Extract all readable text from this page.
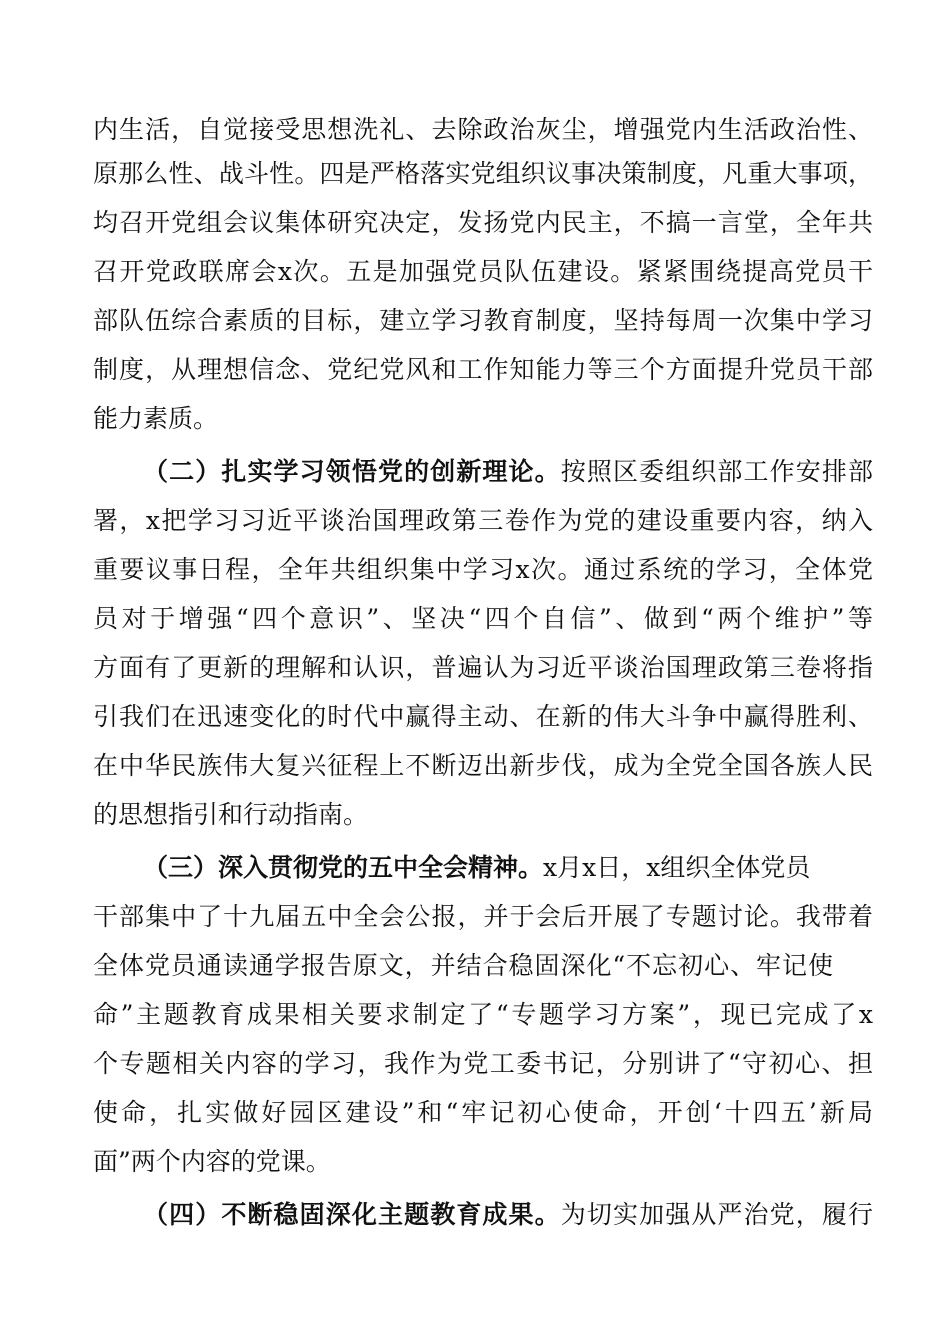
内生活，自觉接受思想洗礼、去除政治灰尘，增强党内生活政治性、
原那么性、战斗性。四是严格落实党组织议事决策制度，凡重大事项，
均召开党组会议集体研究决定，发扬党内民主，不搞一言堂，全年共
召开党政联席会x次。五是加强党员队伍建设。紧紧围绕提高党员干
部队伍综合素质的目标，建立学习教育制度，坚持每周一次集中学习
制度，从理想信念、党纪党风和工作知能力等三个方面提升党员干部
能力素质。
（二）扎实学习领悟党的创新理论。按照区委组织部工作安排部
署，x把学习习近平谈治国理政第三卷作为党的建设重要内容，纳入
重要议事日程，全年共组织集中学习x次。通过系统的学习，全体党
员对于增强“四个意识”、坚决“四个自信”、做到“两个维护”等
方面有了更新的理解和认识，普遍认为习近平谈治国理政第三卷将指
引我们在迅速变化的时代中赢得主动、在新的伟大斗争中赢得胜利、
在中华民族伟大复兴征程上不断迈出新步伐，成为全党全国各族人民
的思想指引和行动指南。
（三）深入贯彻党的五中全会精神。x月x日，x组织全体党员
干部集中了十九届五中全会公报，并于会后开展了专题讨论。我带着
全体党员通读通学报告原文，并结合稳固深化“不忘初心、牢记使
命”主题教育成果相关要求制定了“专题学习方案”，现已完成了x
个专题相关内容的学习，我作为党工委书记，分别讲了“守初心、担
使命，扎实做好园区建设”和“牢记初心使命，开创‘十四五’新局
面”两个内容的党课。
（四）不断稳固深化主题教育成果。为切实加强从严治党，履行
